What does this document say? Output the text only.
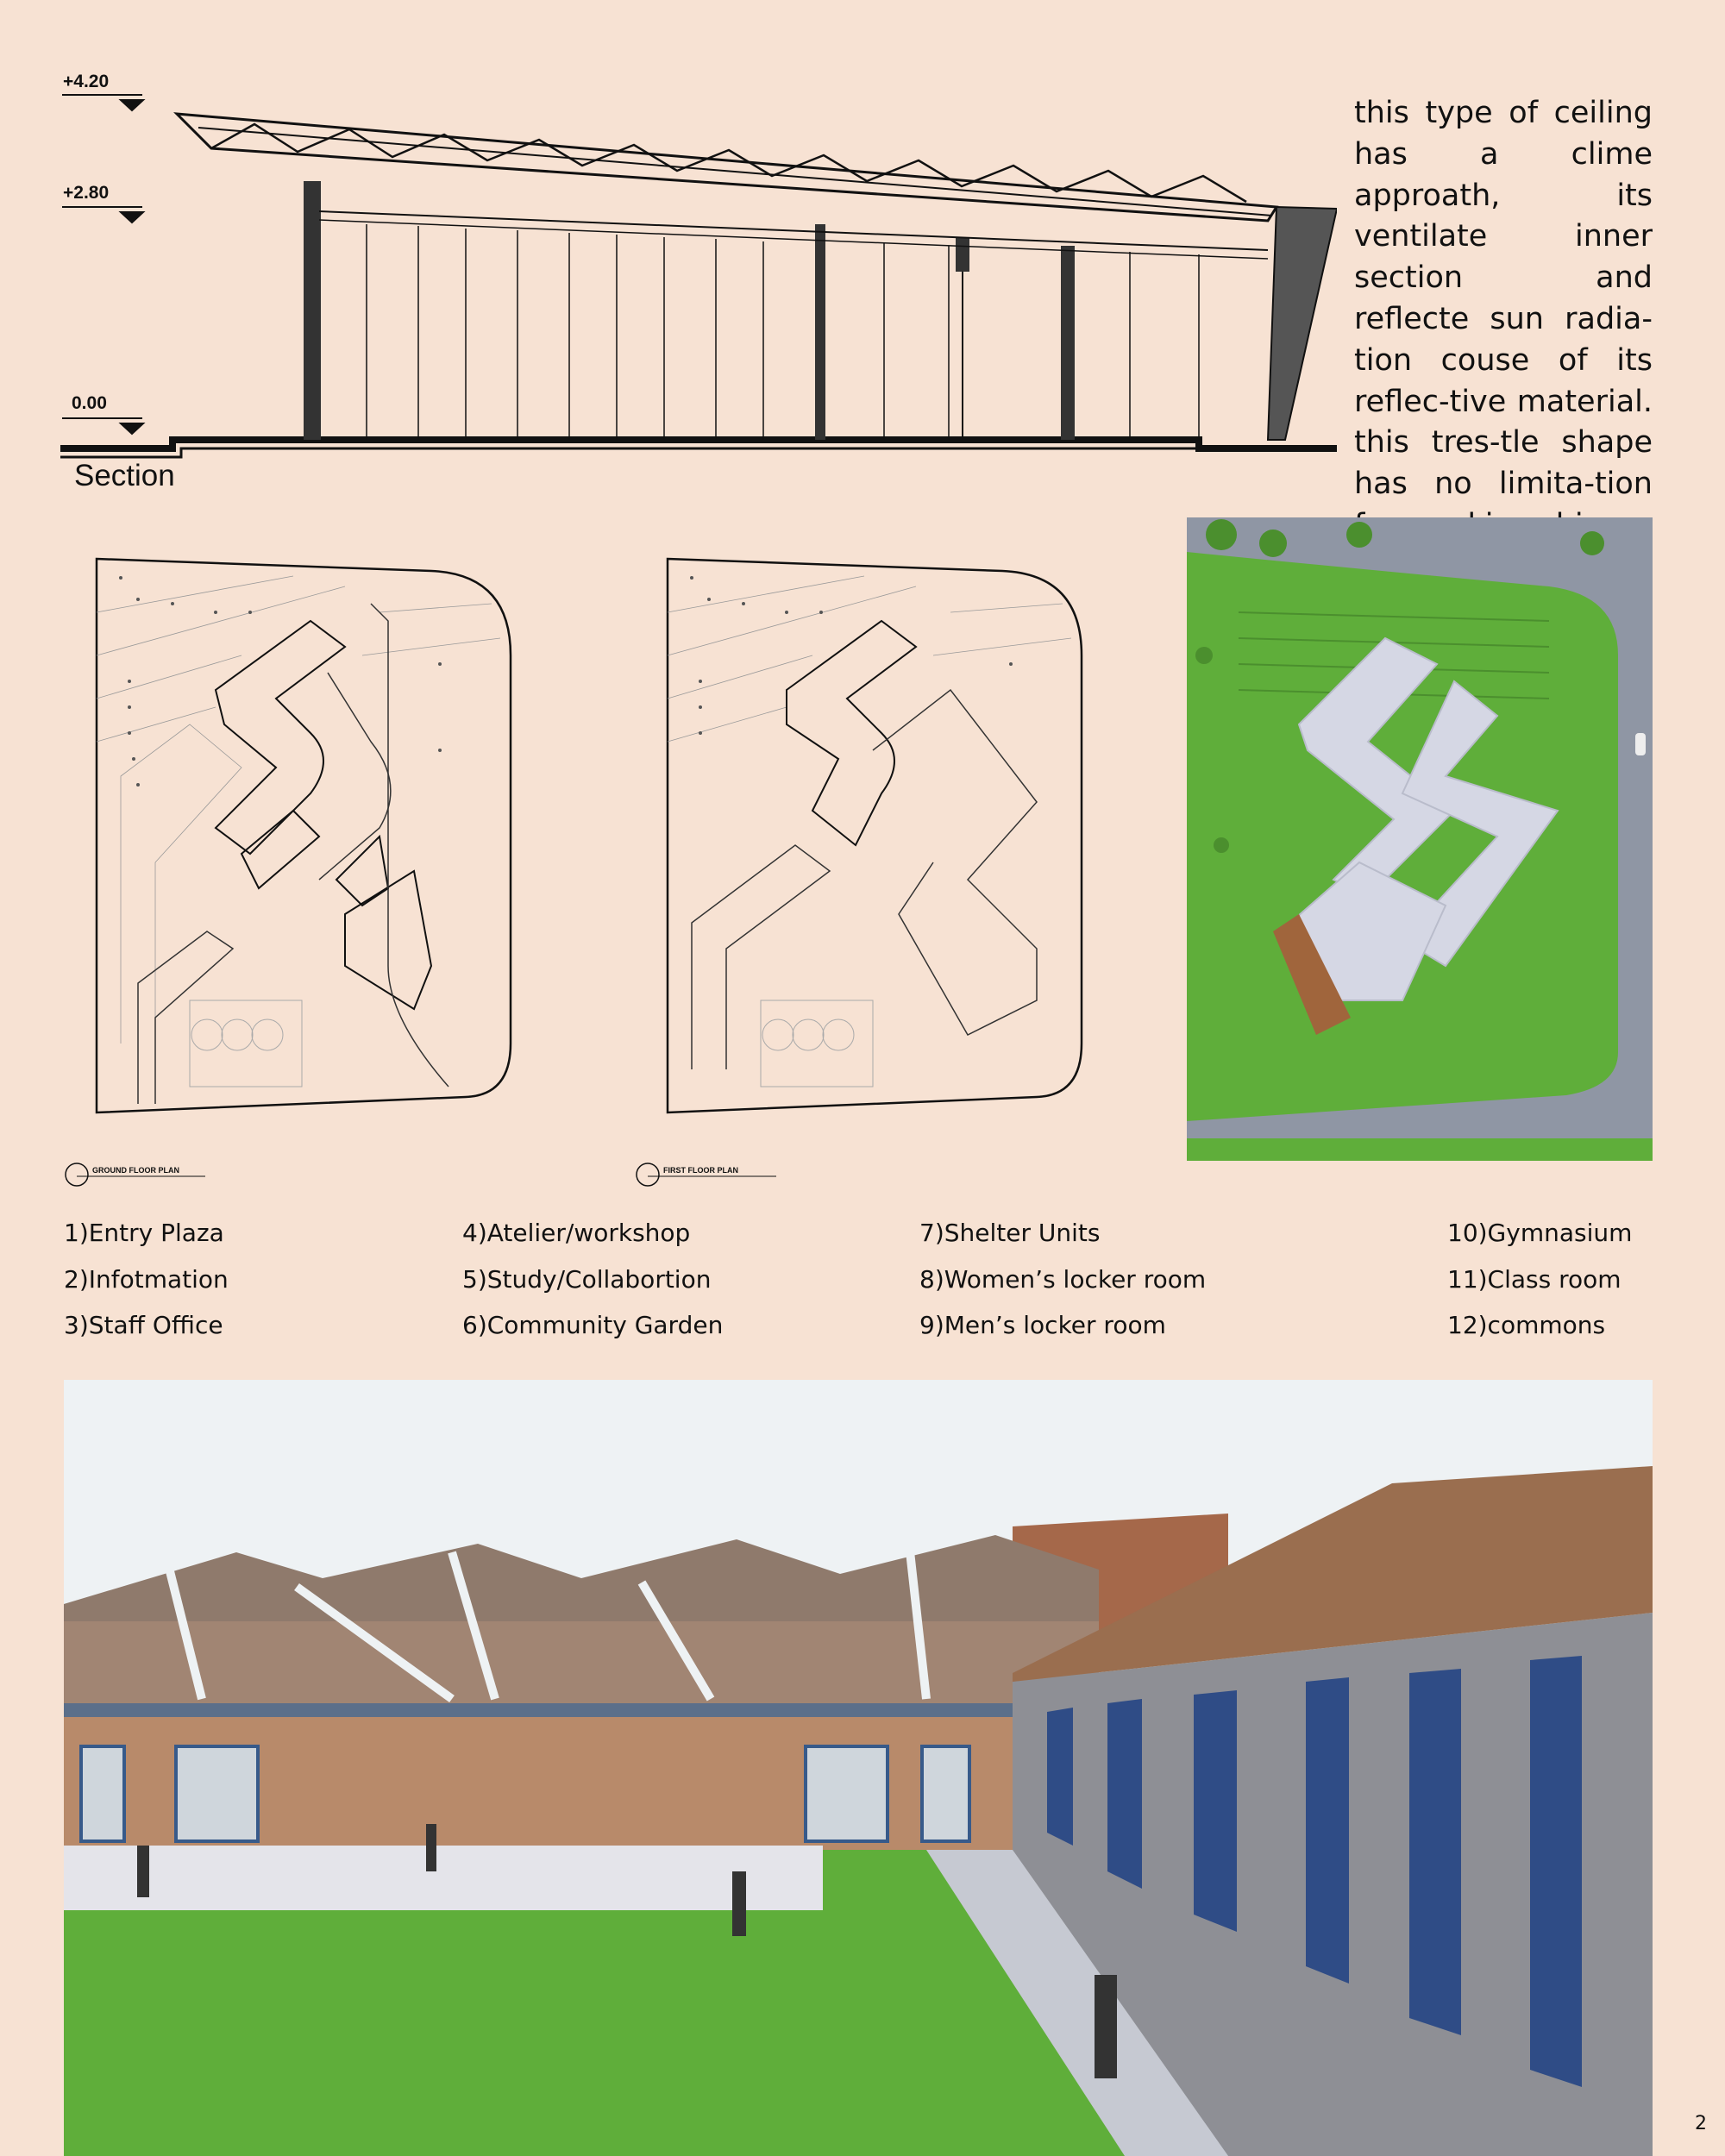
+4.20
+2.80
0.00
Section
this type of ceiling has a clime approath, its ventilate inner section and reflecte sun radia-tion couse of its reflec-tive material. this tres-tle shape has no limita-tion
GROUND FLOOR PLAN	FIRST FLOOR PLAN
1)Entry Plaza
2)Infotmation
3)Staff Office
4)Atelier/workshop
5)Study/Collabortion
6)Community Garden
7)Shelter Units
8)Women’s locker room
9)Men’s locker room
10)Gymnasium
11)Class room
12)commons
2
